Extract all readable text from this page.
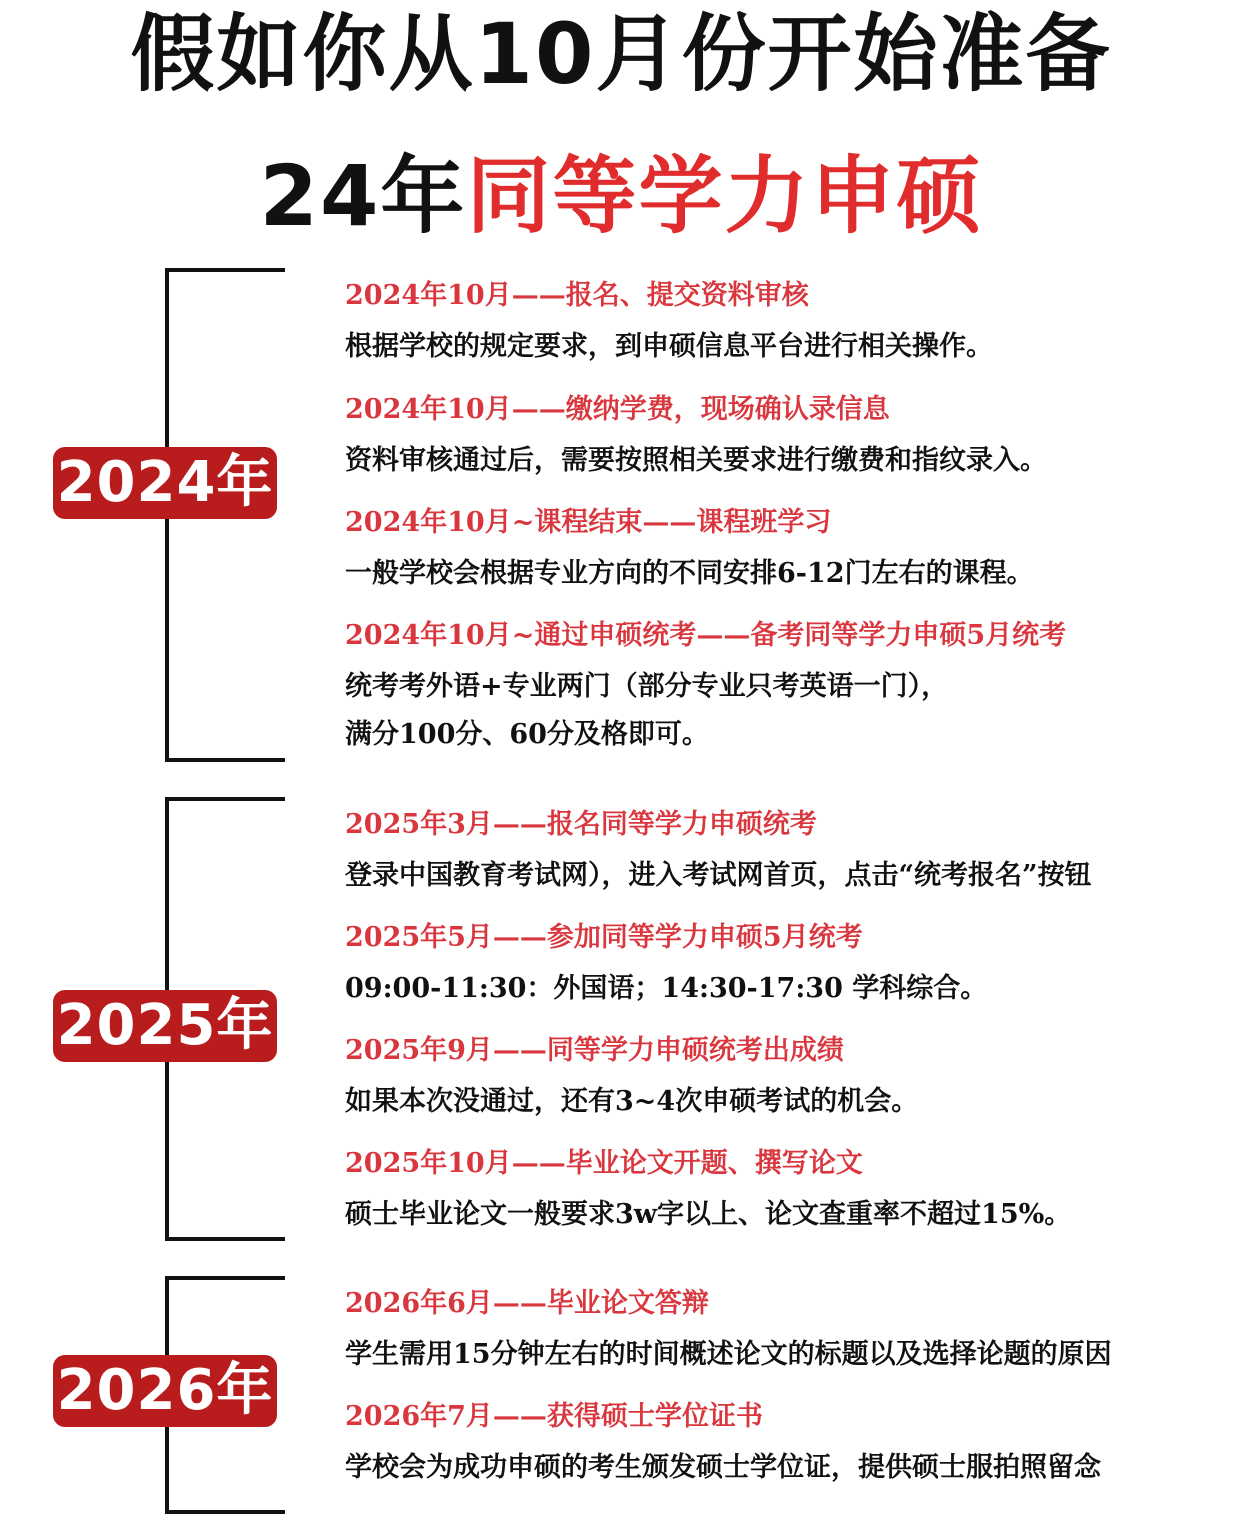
假如你从10月份开始准备
24年同等学力申硕
2024年
2024年10月——报名、提交资料审核
根据学校的规定要求，到申硕信息平台进行相关操作。
2024年10月——缴纳学费，现场确认录信息
资料审核通过后，需要按照相关要求进行缴费和指纹录入。
2024年10月~课程结束——课程班学习
一般学校会根据专业方向的不同安排6-12门左右的课程。
2024年10月~通过申硕统考——备考同等学力申硕5月统考
统考考外语+专业两门（部分专业只考英语一门），
满分100分、60分及格即可。
2025年
2025年3月——报名同等学力申硕统考
登录中国教育考试网），进入考试网首页，点击“统考报名”按钮
2025年5月——参加同等学力申硕5月统考
09:00-11:30：外国语；14:30-17:30 学科综合。
2025年9月——同等学力申硕统考出成绩
如果本次没通过，还有3~4次申硕考试的机会。
2025年10月——毕业论文开题、撰写论文
硕士毕业论文一般要求3w字以上、论文查重率不超过15%。
2026年
2026年6月——毕业论文答辩
学生需用15分钟左右的时间概述论文的标题以及选择论题的原因
2026年7月——获得硕士学位证书
学校会为成功申硕的考生颁发硕士学位证，提供硕士服拍照留念
